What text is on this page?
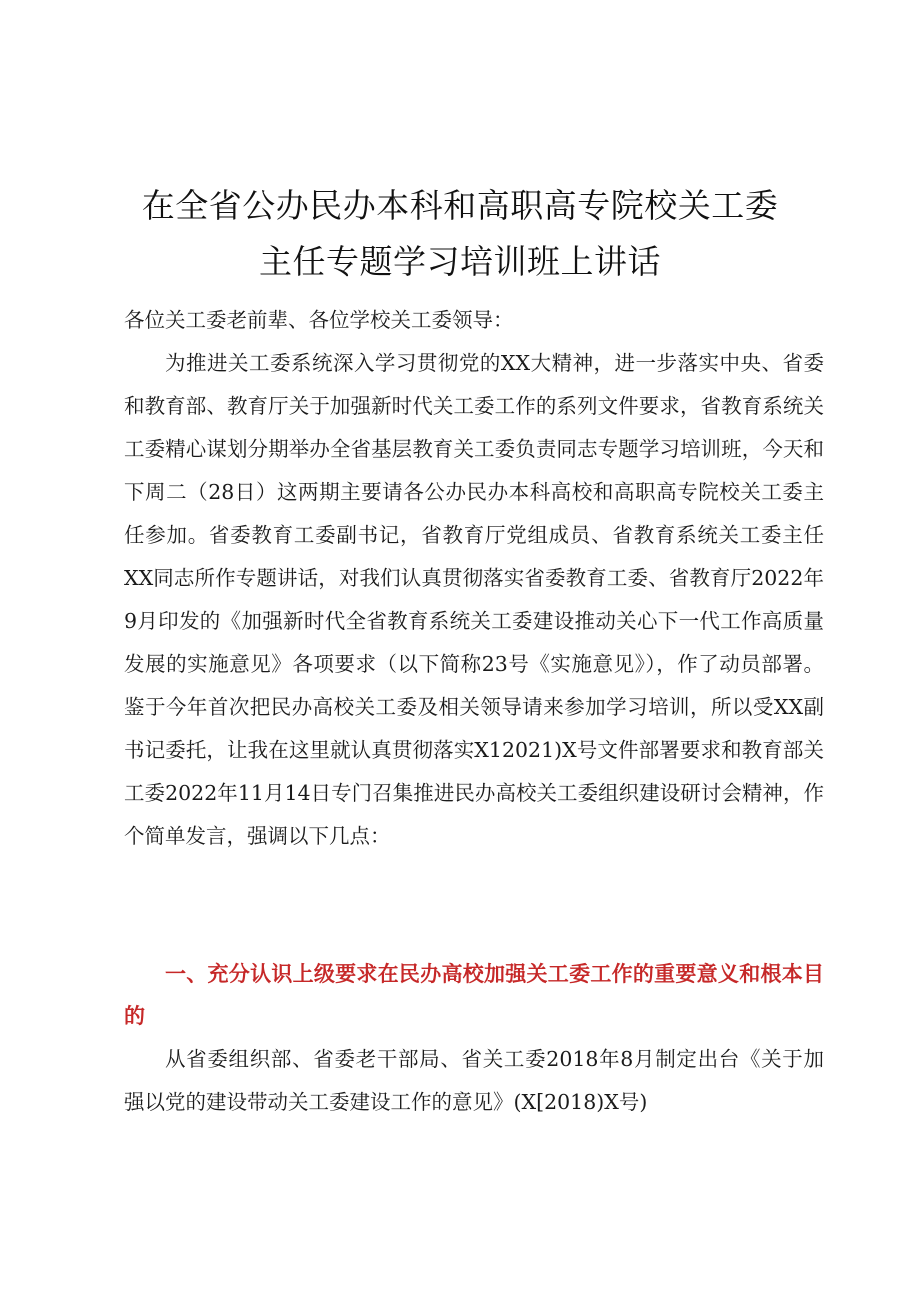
在全省公办民办本科和高职高专院校关工委
主任专题学习培训班上讲话

各位关工委老前辈、各位学校关工委领导：

为推进关工委系统深入学习贯彻党的XX大精神，进一步落实中央、省委和教育部、教育厅关于加强新时代关工委工作的系列文件要求，省教育系统关工委精心谋划分期举办全省基层教育关工委负责同志专题学习培训班，今天和下周二（28日）这两期主要请各公办民办本科高校和高职高专院校关工委主任参加。省委教育工委副书记，省教育厅党组成员、省教育系统关工委主任XX同志所作专题讲话，对我们认真贯彻落实省委教育工委、省教育厅2022年9月印发的《加强新时代全省教育系统关工委建设推动关心下一代工作高质量发展的实施意见》各项要求（以下简称23号《实施意见》），作了动员部署。鉴于今年首次把民办高校关工委及相关领导请来参加学习培训，所以受XX副书记委托，让我在这里就认真贯彻落实X12021)X号文件部署要求和教育部关工委2022年11月14日专门召集推进民办高校关工委组织建设研讨会精神，作个简单发言，强调以下几点：

一、充分认识上级要求在民办高校加强关工委工作的重要意义和根本目的

从省委组织部、省委老干部局、省关工委2018年8月制定出台《关于加强以党的建设带动关工委建设工作的意见》(X[2018)X号)
